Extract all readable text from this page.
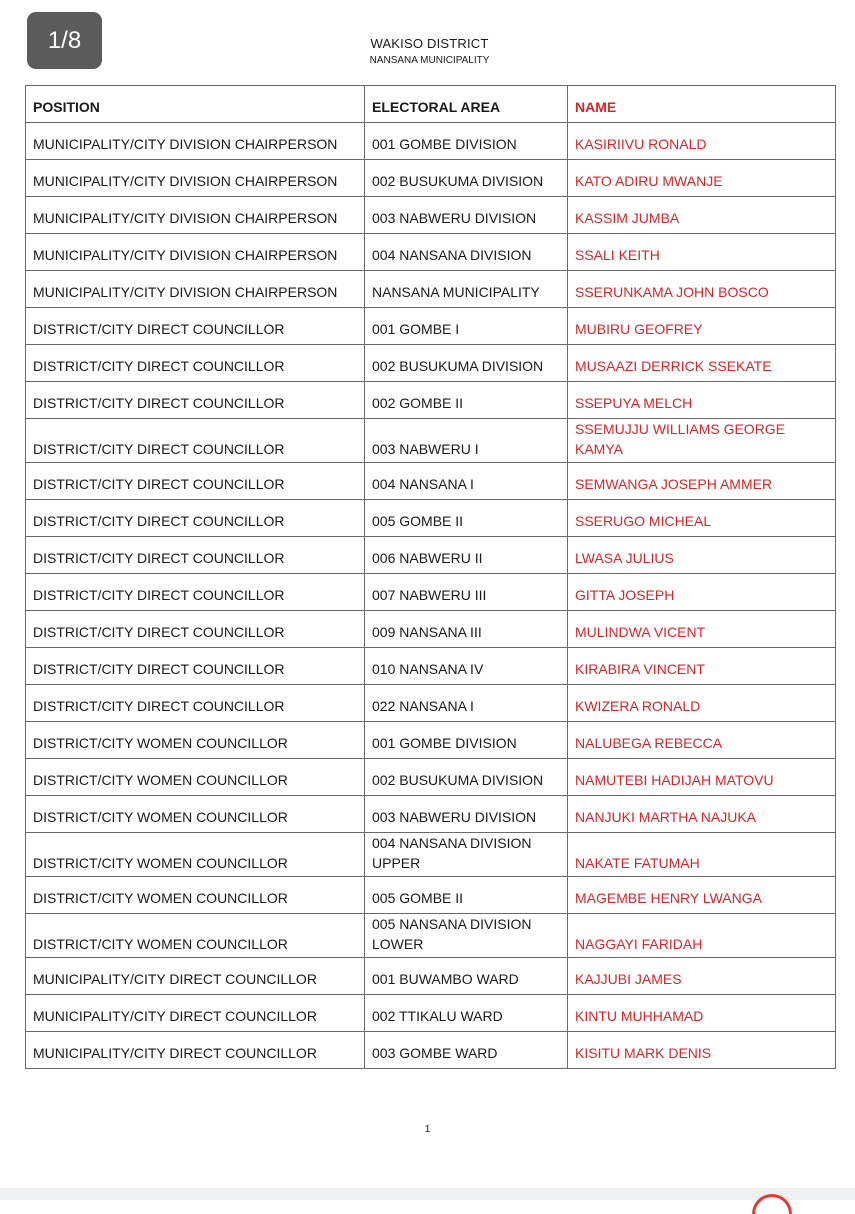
1/8	WAKISO DISTRICT
NANSANA MUNICIPALITY
POSITION	ELECTORAL AREA	NAME
MUNICIPALITY/CITY DIVISION CHAIRPERSON	001 GOMBE DIVISION	KASIRIIVU RONALD
MUNICIPALITY/CITY DIVISION CHAIRPERSON	002 BUSUKUMA DIVISION	KATO ADIRU MWANJE
MUNICIPALITY/CITY DIVISION CHAIRPERSON	003 NABWERU DIVISION	KASSIM JUMBA
MUNICIPALITY/CITY DIVISION CHAIRPERSON	004 NANSANA DIVISION	SSALI KEITH
MUNICIPALITY/CITY DIVISION CHAIRPERSON	NANSANA MUNICIPALITY	SSERUNKAMA JOHN BOSCO
DISTRICT/CITY DIRECT COUNCILLOR	001 GOMBE I	MUBIRU GEOFREY
DISTRICT/CITY DIRECT COUNCILLOR	002 BUSUKUMA DIVISION	MUSAAZI DERRICK SSEKATE
DISTRICT/CITY DIRECT COUNCILLOR	002 GOMBE II	SSEPUYA MELCH
DISTRICT/CITY DIRECT COUNCILLOR	003 NABWERU I	SSEMUJJU WILLIAMS GEORGE KAMYA
DISTRICT/CITY DIRECT COUNCILLOR	004 NANSANA I	SEMWANGA JOSEPH AMMER
DISTRICT/CITY DIRECT COUNCILLOR	005 GOMBE II	SSERUGO MICHEAL
DISTRICT/CITY DIRECT COUNCILLOR	006 NABWERU II	LWASA JULIUS
DISTRICT/CITY DIRECT COUNCILLOR	007 NABWERU III	GITTA JOSEPH
DISTRICT/CITY DIRECT COUNCILLOR	009 NANSANA III	MULINDWA VICENT
DISTRICT/CITY DIRECT COUNCILLOR	010 NANSANA IV	KIRABIRA VINCENT
DISTRICT/CITY DIRECT COUNCILLOR	022 NANSANA I	KWIZERA RONALD
DISTRICT/CITY WOMEN COUNCILLOR	001 GOMBE DIVISION	NALUBEGA REBECCA
DISTRICT/CITY WOMEN COUNCILLOR	002 BUSUKUMA DIVISION	NAMUTEBI HADIJAH MATOVU
DISTRICT/CITY WOMEN COUNCILLOR	003 NABWERU DIVISION	NANJUKI MARTHA NAJUKA
DISTRICT/CITY WOMEN COUNCILLOR	004 NANSANA DIVISION UPPER	NAKATE FATUMAH
DISTRICT/CITY WOMEN COUNCILLOR	005 GOMBE II	MAGEMBE HENRY LWANGA
DISTRICT/CITY WOMEN COUNCILLOR	005 NANSANA DIVISION LOWER	NAGGAYI FARIDAH
MUNICIPALITY/CITY DIRECT COUNCILLOR	001 BUWAMBO WARD	KAJJUBI JAMES
MUNICIPALITY/CITY DIRECT COUNCILLOR	002 TTIKALU WARD	KINTU MUHHAMAD
MUNICIPALITY/CITY DIRECT COUNCILLOR	003 GOMBE WARD	KISITU MARK DENIS
1
